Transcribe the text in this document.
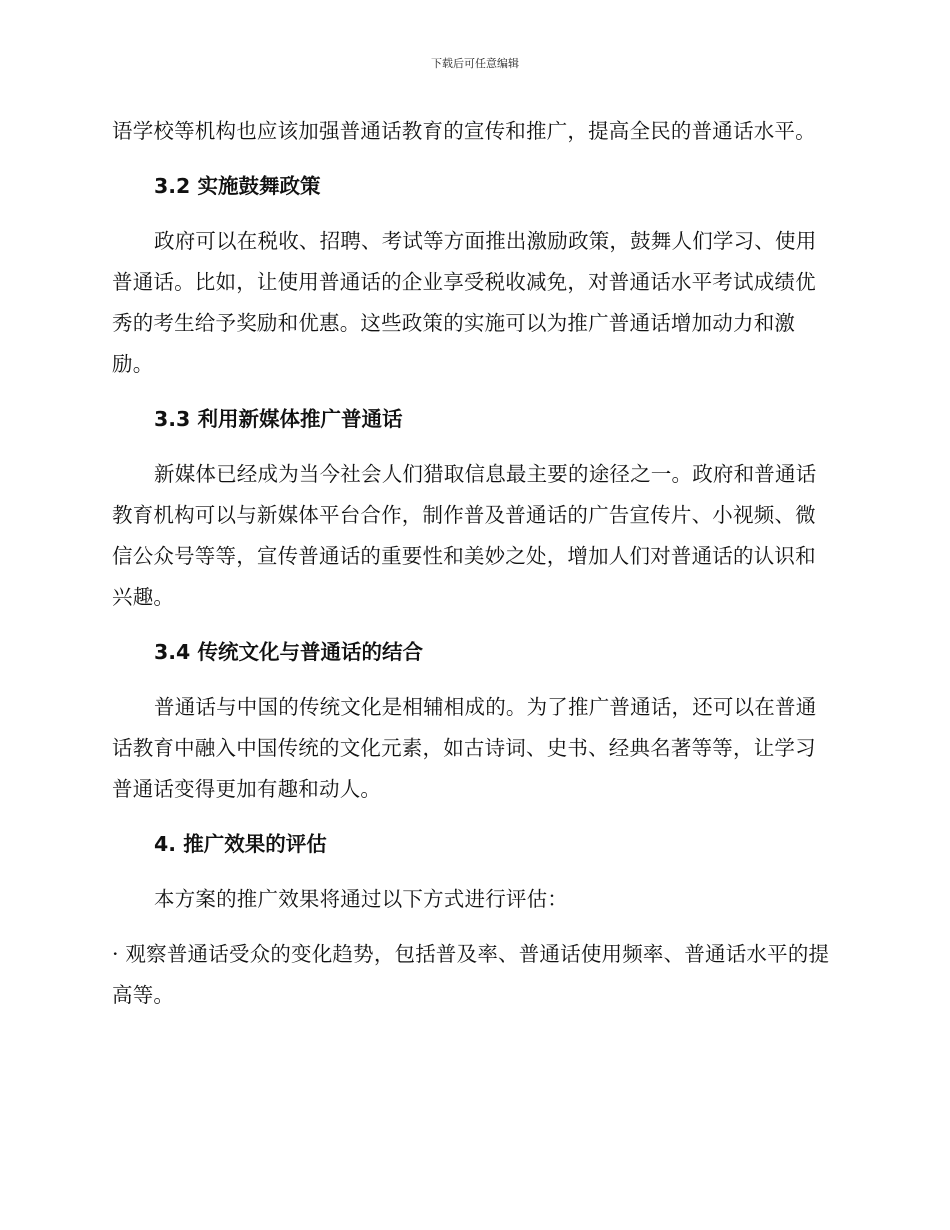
下载后可任意编辑

语学校等机构也应该加强普通话教育的宣传和推广，提高全民的普通话水平。

3.2 实施鼓舞政策

政府可以在税收、招聘、考试等方面推出激励政策，鼓舞人们学习、使用普通话。比如，让使用普通话的企业享受税收减免，对普通话水平考试成绩优秀的考生给予奖励和优惠。这些政策的实施可以为推广普通话增加动力和激励。

3.3 利用新媒体推广普通话

新媒体已经成为当今社会人们猎取信息最主要的途径之一。政府和普通话教育机构可以与新媒体平台合作，制作普及普通话的广告宣传片、小视频、微信公众号等等，宣传普通话的重要性和美妙之处，增加人们对普通话的认识和兴趣。

3.4 传统文化与普通话的结合

普通话与中国的传统文化是相辅相成的。为了推广普通话，还可以在普通话教育中融入中国传统的文化元素，如古诗词、史书、经典名著等等，让学习普通话变得更加有趣和动人。

4. 推广效果的评估

本方案的推广效果将通过以下方式进行评估：

· 观察普通话受众的变化趋势，包括普及率、普通话使用频率、普通话水平的提高等。
